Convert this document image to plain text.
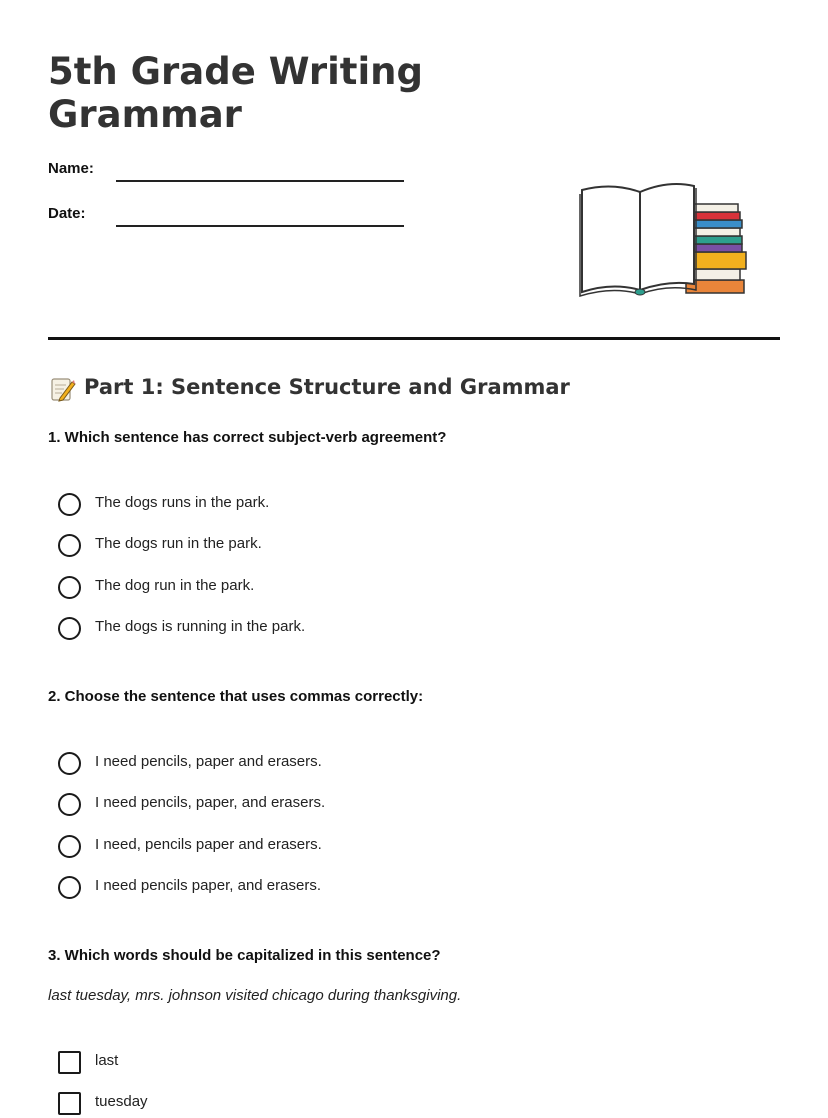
5th Grade Writing
Grammar
Name:
Date:
Part 1: Sentence Structure and Grammar

1. Which sentence has correct subject-verb agreement?

The dogs runs in the park.
The dogs run in the park.
The dog run in the park.
The dogs is running in the park.

2. Choose the sentence that uses commas correctly:

I need pencils, paper and erasers.
I need pencils, paper, and erasers.
I need, pencils paper and erasers.
I need pencils paper, and erasers.

3. Which words should be capitalized in this sentence?

last tuesday, mrs. johnson visited chicago during thanksgiving.

last
tuesday
